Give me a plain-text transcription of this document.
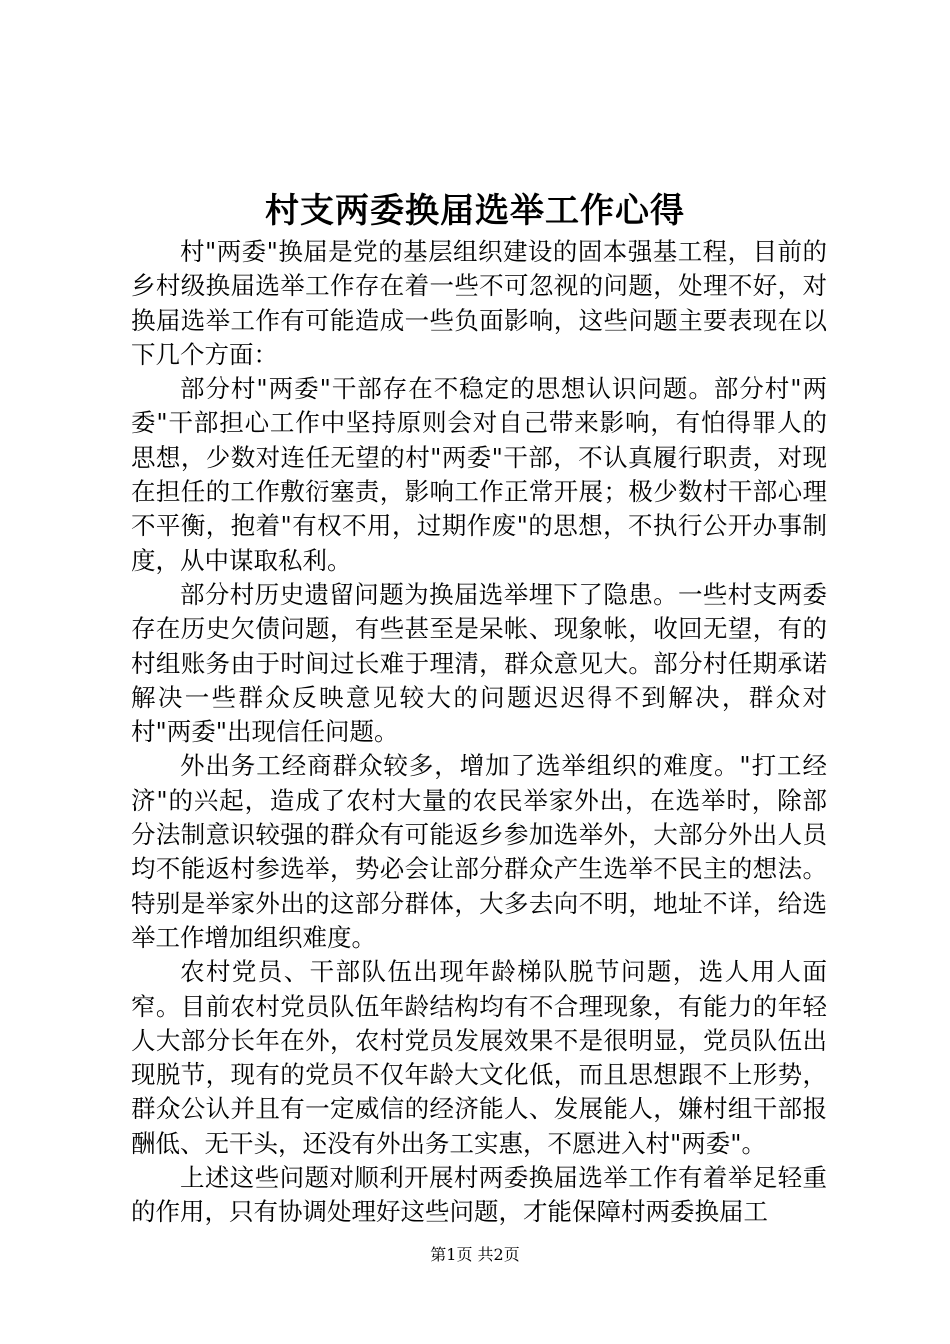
村支两委换届选举工作心得

村"两委"换届是党的基层组织建设的固本强基工程，目前的乡村级换届选举工作存在着一些不可忽视的问题，处理不好，对换届选举工作有可能造成一些负面影响，这些问题主要表现在以下几个方面：

部分村"两委"干部存在不稳定的思想认识问题。部分村"两委"干部担心工作中坚持原则会对自己带来影响，有怕得罪人的思想，少数对连任无望的村"两委"干部，不认真履行职责，对现在担任的工作敷衍塞责，影响工作正常开展；极少数村干部心理不平衡，抱着"有权不用，过期作废"的思想，不执行公开办事制度，从中谋取私利。

部分村历史遗留问题为换届选举埋下了隐患。一些村支两委存在历史欠债问题，有些甚至是呆帐、现象帐，收回无望，有的村组账务由于时间过长难于理清，群众意见大。部分村任期承诺解决一些群众反映意见较大的问题迟迟得不到解决，群众对村"两委"出现信任问题。

外出务工经商群众较多，增加了选举组织的难度。"打工经济"的兴起，造成了农村大量的农民举家外出，在选举时，除部分法制意识较强的群众有可能返乡参加选举外，大部分外出人员均不能返村参选举，势必会让部分群众产生选举不民主的想法。特别是举家外出的这部分群体，大多去向不明，地址不详，给选举工作增加组织难度。

农村党员、干部队伍出现年龄梯队脱节问题，选人用人面窄。目前农村党员队伍年龄结构均有不合理现象，有能力的年轻人大部分长年在外，农村党员发展效果不是很明显，党员队伍出现脱节，现有的党员不仅年龄大文化低，而且思想跟不上形势，群众公认并且有一定威信的经济能人、发展能人，嫌村组干部报酬低、无干头，还没有外出务工实惠，不愿进入村"两委"。

上述这些问题对顺利开展村两委换届选举工作有着举足轻重的作用，只有协调处理好这些问题，才能保障村两委换届工

第1页 共2页
